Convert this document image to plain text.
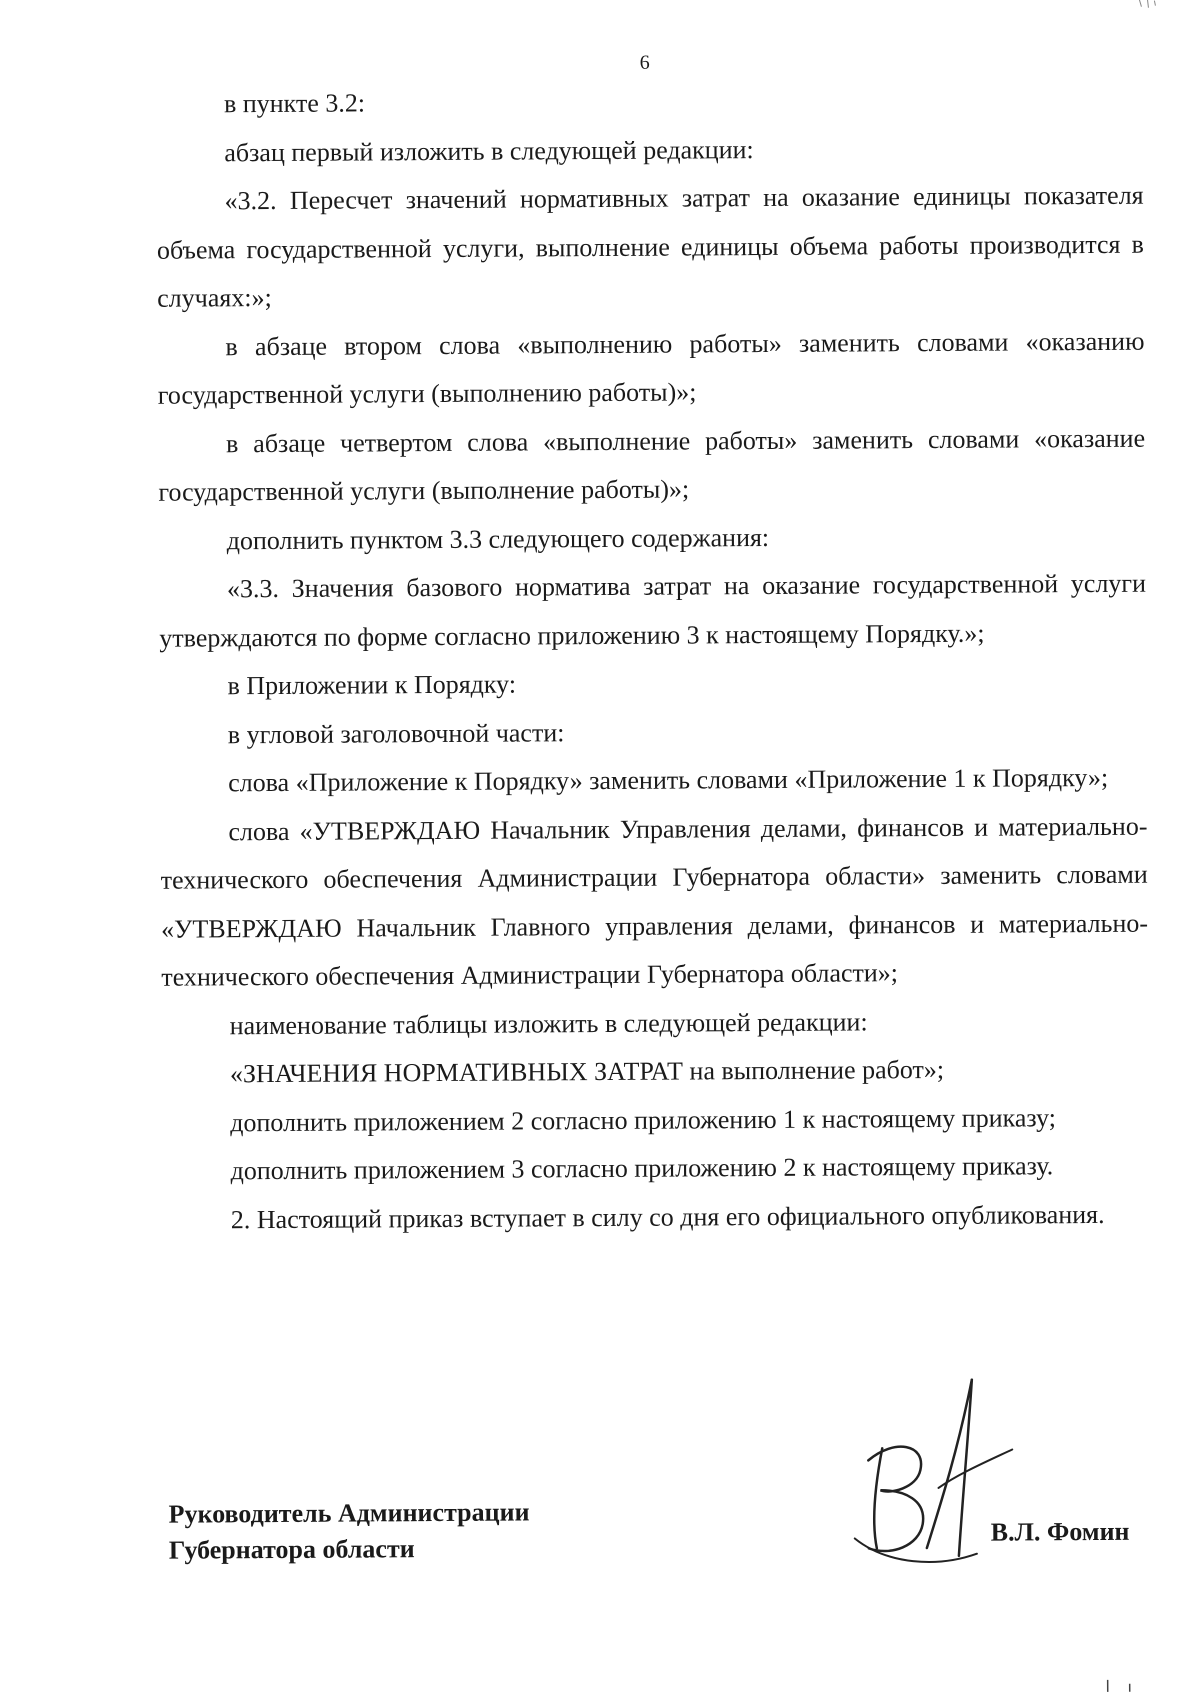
6

в пункте 3.2:

абзац первый изложить в следующей редакции:

«3.2. Пересчет значений нормативных затрат на оказание единицы показателя объема государственной услуги, выполнение единицы объема работы производится в случаях:»;

в абзаце втором слова «выполнению работы» заменить словами «оказанию государственной услуги (выполнению работы)»;

в абзаце четвертом слова «выполнение работы» заменить словами «оказание государственной услуги (выполнение работы)»;

дополнить пунктом 3.3 следующего содержания:

«3.3. Значения базового норматива затрат на оказание государственной услуги утверждаются по форме согласно приложению 3 к настоящему Порядку.»;

в Приложении к Порядку:

в угловой заголовочной части:

слова «Приложение к Порядку» заменить словами «Приложение 1 к Порядку»;

слова «УТВЕРЖДАЮ Начальник Управления делами, финансов и материально-технического обеспечения Администрации Губернатора области» заменить словами «УТВЕРЖДАЮ Начальник Главного управления делами, финансов и материально-технического обеспечения Администрации Губернатора области»;

наименование таблицы изложить в следующей редакции:

«ЗНАЧЕНИЯ НОРМАТИВНЫХ ЗАТРАТ на выполнение работ»;

дополнить приложением 2 согласно приложению 1 к настоящему приказу;

дополнить приложением 3 согласно приложению 2 к настоящему приказу.

2. Настоящий приказ вступает в силу со дня его официального опубликования.

Руководитель Администрации
Губернатора области
В.Л. Фомин
